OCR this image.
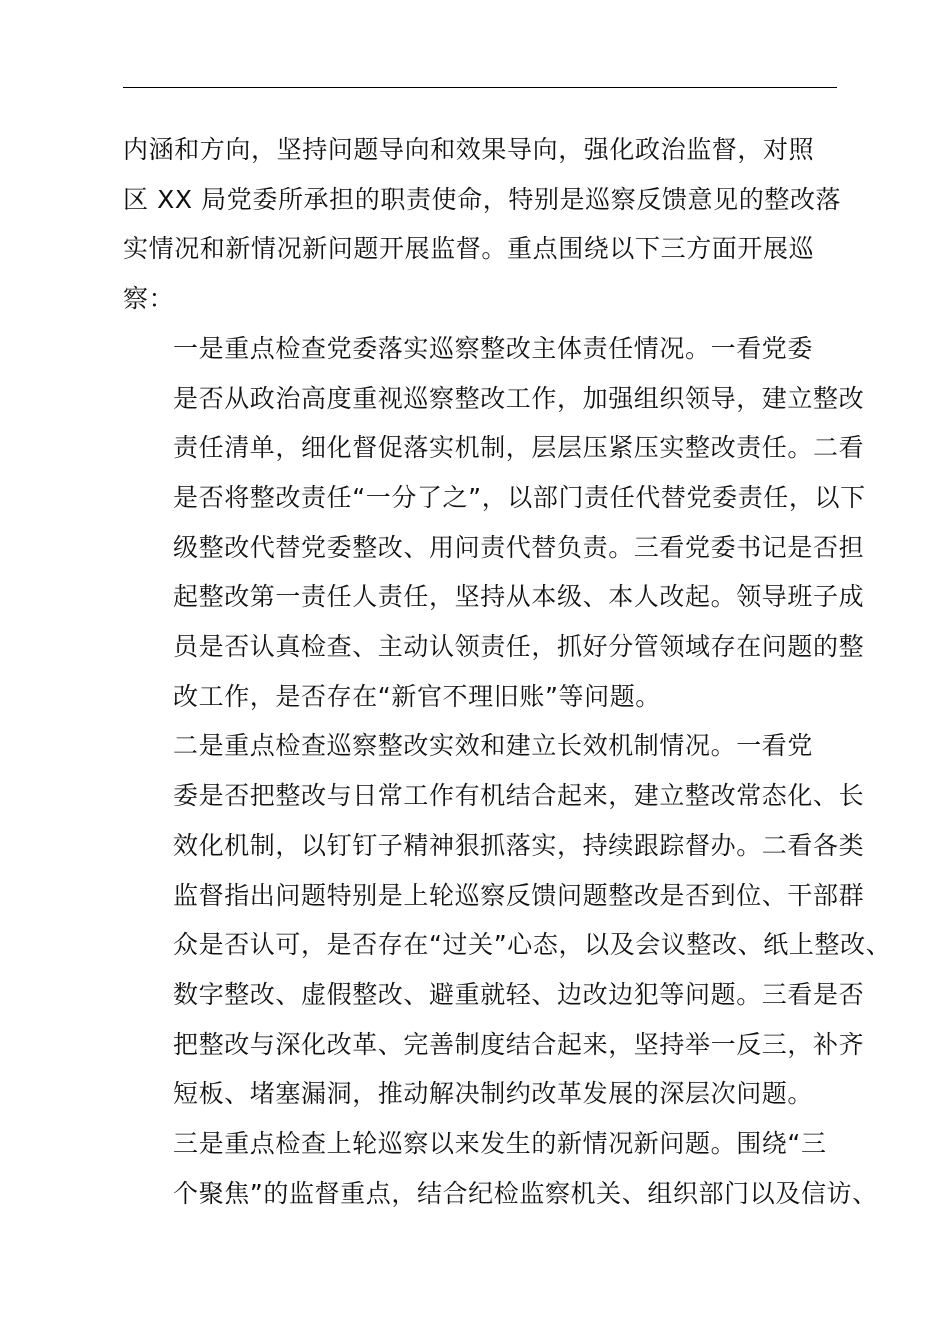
内涵和方向，坚持问题导向和效果导向，强化政治监督，对照
区 XX 局党委所承担的职责使命，特别是巡察反馈意见的整改落
实情况和新情况新问题开展监督。重点围绕以下三方面开展巡
察：
一是重点检查党委落实巡察整改主体责任情况。一看党委
是否从政治高度重视巡察整改工作，加强组织领导，建立整改
责任清单，细化督促落实机制，层层压紧压实整改责任。二看
是否将整改责任“一分了之”，以部门责任代替党委责任，以下
级整改代替党委整改、用问责代替负责。三看党委书记是否担
起整改第一责任人责任，坚持从本级、本人改起。领导班子成
员是否认真检查、主动认领责任，抓好分管领域存在问题的整
改工作，是否存在“新官不理旧账”等问题。
二是重点检查巡察整改实效和建立长效机制情况。一看党
委是否把整改与日常工作有机结合起来，建立整改常态化、长
效化机制，以钉钉子精神狠抓落实，持续跟踪督办。二看各类
监督指出问题特别是上轮巡察反馈问题整改是否到位、干部群
众是否认可，是否存在“过关”心态，以及会议整改、纸上整改、
数字整改、虚假整改、避重就轻、边改边犯等问题。三看是否
把整改与深化改革、完善制度结合起来，坚持举一反三，补齐
短板、堵塞漏洞，推动解决制约改革发展的深层次问题。
三是重点检查上轮巡察以来发生的新情况新问题。围绕“三
个聚焦”的监督重点，结合纪检监察机关、组织部门以及信访、
